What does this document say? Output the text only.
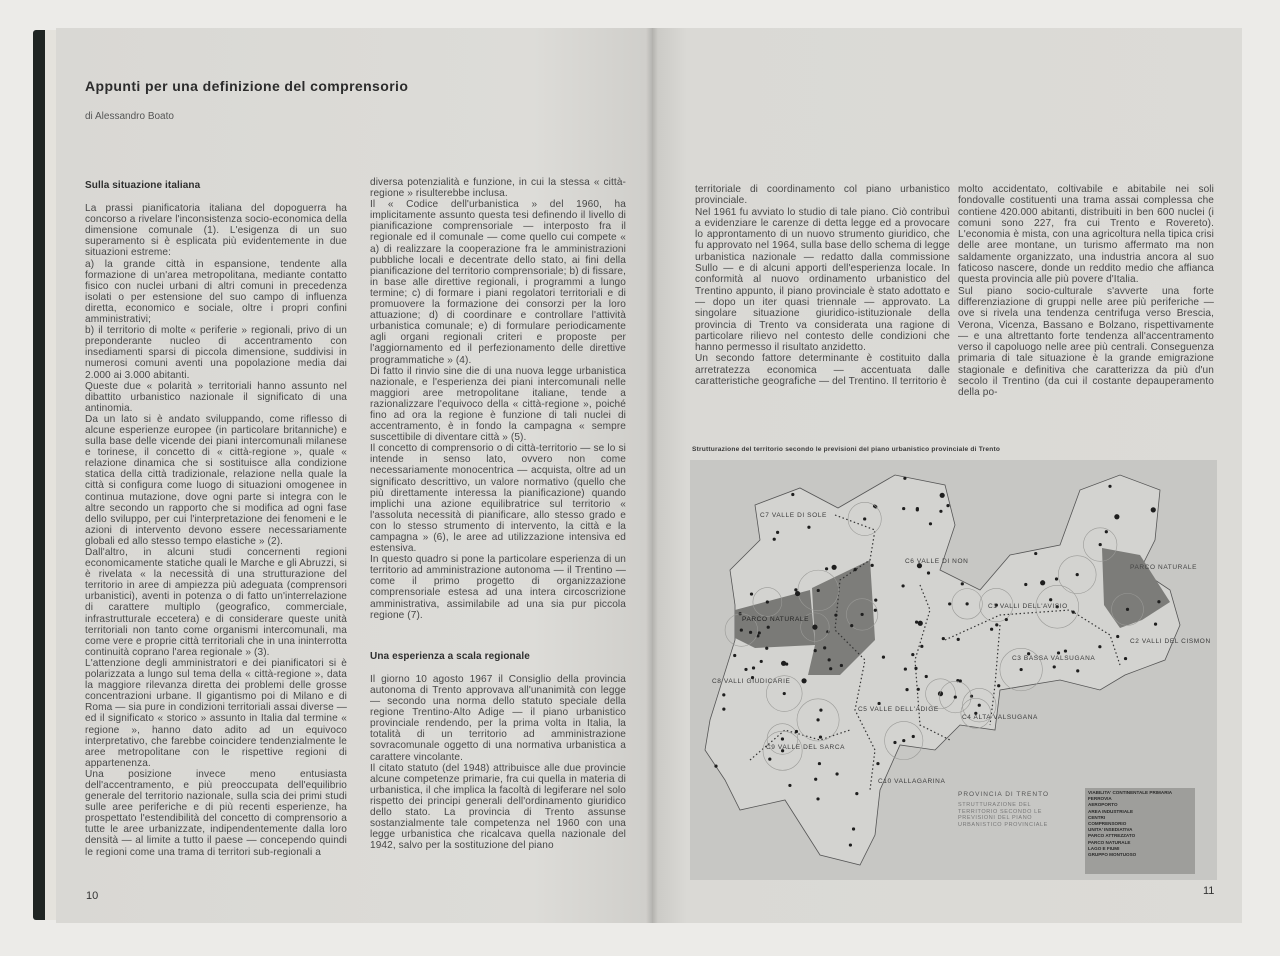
Appunti per una definizione del comprensorio
di Alessandro Boato
Sulla situazione italiana

La prassi pianificatoria italiana del dopoguerra ha concorso a rivelare l'inconsistenza socio-economica della dimensione comunale (1). L'esigenza di un suo superamento si è esplicata più evidentemente in due situazioni estreme:

a) la grande città in espansione, tendente alla formazione di un'area metropolitana, mediante contatto fisico con nuclei urbani di altri comuni in precedenza isolati o per estensione del suo campo di influenza diretta, economico e sociale, oltre i propri confini amministrativi;

b) il territorio di molte « periferie » regionali, privo di un preponderante nucleo di accentramento con insediamenti sparsi di piccola dimensione, suddivisi in numerosi comuni aventi una popolazione media dai 2.000 ai 3.000 abitanti.

Queste due « polarità » territoriali hanno assunto nel dibattito urbanistico nazionale il significato di una antinomia.

Da un lato si è andato sviluppando, come riflesso di alcune esperienze europee (in particolare britanniche) e sulla base delle vicende dei piani intercomunali milanese e torinese, il concetto di « città-regione », quale « relazione dinamica che si sostituisce alla condizione statica della città tradizionale, relazione nella quale la città si configura come luogo di situazioni omogenee in continua mutazione, dove ogni parte si integra con le altre secondo un rapporto che si modifica ad ogni fase dello sviluppo, per cui l'interpretazione dei fenomeni e le azioni di intervento devono essere necessariamente globali ed allo stesso tempo elastiche » (2).

Dall'altro, in alcuni studi concernenti regioni economicamente statiche quali le Marche e gli Abruzzi, si è rivelata « la necessità di una strutturazione del territorio in aree di ampiezza più adeguata (comprensori urbanistici), aventi in potenza o di fatto un'interrelazione di carattere multiplo (geografico, commerciale, infrastrutturale eccetera) e di considerare queste unità territoriali non tanto come organismi intercomunali, ma come vere e proprie città territoriali che in una ininterrotta continuità coprano l'area regionale » (3).

L'attenzione degli amministratori e dei pianificatori si è polarizzata a lungo sul tema della « città-regione », data la maggiore rilevanza diretta dei problemi delle grosse concentrazioni urbane. Il gigantismo poi di Milano e di Roma — sia pure in condizioni territoriali assai diverse — ed il significato « storico » assunto in Italia dal termine « regione », hanno dato adito ad un equivoco interpretativo, che farebbe coincidere tendenzialmente le aree metropolitane con le rispettive regioni di appartenenza.

Una posizione invece meno entusiasta dell'accentramento, e più preoccupata dell'equilibrio generale del territorio nazionale, sulla scia dei primi studi sulle aree periferiche e di più recenti esperienze, ha prospettato l'estendibilità del concetto di comprensorio a tutte le aree urbanizzate, indipendentemente dalla loro densità — al limite a tutto il paese — concependo quindi le regioni come una trama di territori sub-regionali a

diversa potenzialità e funzione, in cui la stessa « città-regione » risulterebbe inclusa.

Il « Codice dell'urbanistica » del 1960, ha implicitamente assunto questa tesi definendo il livello di pianificazione comprensoriale — interposto fra il regionale ed il comunale — come quello cui compete « a) di realizzare la cooperazione fra le amministrazioni pubbliche locali e decentrate dello stato, ai fini della pianificazione del territorio comprensoriale; b) di fissare, in base alle direttive regionali, i programmi a lungo termine; c) di formare i piani regolatori territoriali e di promuovere la formazione dei consorzi per la loro attuazione; d) di coordinare e controllare l'attività urbanistica comunale; e) di formulare periodicamente agli organi regionali criteri e proposte per l'aggiornamento ed il perfezionamento delle direttive programmatiche » (4).

Di fatto il rinvio sine die di una nuova legge urbanistica nazionale, e l'esperienza dei piani intercomunali nelle maggiori aree metropolitane italiane, tende a razionalizzare l'equivoco della « città-regione », poiché fino ad ora la regione è funzione di tali nuclei di accentramento, è in fondo la campagna « sempre suscettibile di diventare città » (5).

Il concetto di comprensorio o di città-territorio — se lo si intende in senso lato, ovvero non come necessariamente monocentrica — acquista, oltre ad un significato descrittivo, un valore normativo (quello che più direttamente interessa la pianificazione) quando implichi una azione equilibratrice sul territorio « l'assoluta necessità di pianificare, allo stesso grado e con lo stesso strumento di intervento, la città e la campagna » (6), le aree ad utilizzazione intensiva ed estensiva.

In questo quadro si pone la particolare esperienza di un territorio ad amministrazione autonoma — il Trentino — come il primo progetto di organizzazione comprensoriale estesa ad una intera circoscrizione amministrativa, assimilabile ad una sia pur piccola regione (7).

Una esperienza a scala regionale

Il giorno 10 agosto 1967 il Consiglio della provincia autonoma di Trento approvava all'unanimità con legge — secondo una norma dello statuto speciale della regione Trentino-Alto Adige — il piano urbanistico provinciale rendendo, per la prima volta in Italia, la totalità di un territorio ad amministrazione sovracomunale oggetto di una normativa urbanistica a carattere vincolante.

Il citato statuto (del 1948) attribuisce alle due provincie alcune competenze primarie, fra cui quella in materia di urbanistica, il che implica la facoltà di legiferare nel solo rispetto dei principi generali dell'ordinamento giuridico dello stato. La provincia di Trento assunse sostanzialmente tale competenza nel 1960 con una legge urbanistica che ricalcava quella nazionale del 1942, salvo per la sostituzione del piano

10

territoriale di coordinamento col piano urbanistico provinciale.

Nel 1961 fu avviato lo studio di tale piano. Ciò contribuì a evidenziare le carenze di detta legge ed a provocare lo approntamento di un nuovo strumento giuridico, che fu approvato nel 1964, sulla base dello schema di legge urbanistica nazionale — redatto dalla commissione Sullo — e di alcuni apporti dell'esperienza locale. In conformità al nuovo ordinamento urbanistico del Trentino appunto, il piano provinciale è stato adottato e — dopo un iter quasi triennale — approvato. La singolare situazione giuridico-istituzionale della provincia di Trento va considerata una ragione di particolare rilievo nel contesto delle condizioni che hanno permesso il risultato anzidetto.

Un secondo fattore determinante è costituito dalla arretratezza economica — accentuata dalle caratteristiche geografiche — del Trentino. Il territorio è

molto accidentato, coltivabile e abitabile nei soli fondovalle costituenti una trama assai complessa che contiene 420.000 abitanti, distribuiti in ben 600 nuclei (i comuni sono 227, fra cui Trento e Rovereto). L'economia è mista, con una agricoltura nella tipica crisi delle aree montane, un turismo affermato ma non saldamente organizzato, una industria ancora al suo faticoso nascere, donde un reddito medio che affianca questa provincia alle più povere d'Italia.

Sul piano socio-culturale s'avverte una forte differenziazione di gruppi nelle aree più periferiche — ove si rivela una tendenza centrifuga verso Brescia, Verona, Vicenza, Bassano e Bolzano, rispettivamente — e una altrettanto forte tendenza all'accentramento verso il capoluogo nelle aree più centrali. Conseguenza primaria di tale situazione è la grande emigrazione stagionale e definitiva che caratterizza da più d'un secolo il Trentino (da cui il costante depauperamento della po-

Strutturazione del territorio secondo le previsioni del piano urbanistico provinciale di Trento
C7 VALLE DI SOLE
C6 VALLE DI NON
C1 VALLI DELL'AVISIO
C2 VALLI DEL CISMON
C3 BASSA VALSUGANA
C8 VALLI GIUDICARIE
C5 VALLE DELL'ADIGE
C4 ALTA VALSUGANA
C9 VALLE DEL SARCA
C10 VALLAGARINA
PARCO NATURALE
PARCO NATURALE
PROVINCIA DI TRENTO
STRUTTURAZIONE DEL TERRITORIO SECONDO LE PREVISIONI DEL PIANO URBANISTICO PROVINCIALE
VIABILITA' CONTINENTALE PRIMARIA
FERROVIA
AEROPORTO
AREA INDUSTRIALE
CENTRI
COMPRENSORIO
UNITA' INSEDIATIVA
PARCO ATTREZZATO
PARCO NATURALE
LAGO E FIUMI
GRUPPO MONTUOSO
11
